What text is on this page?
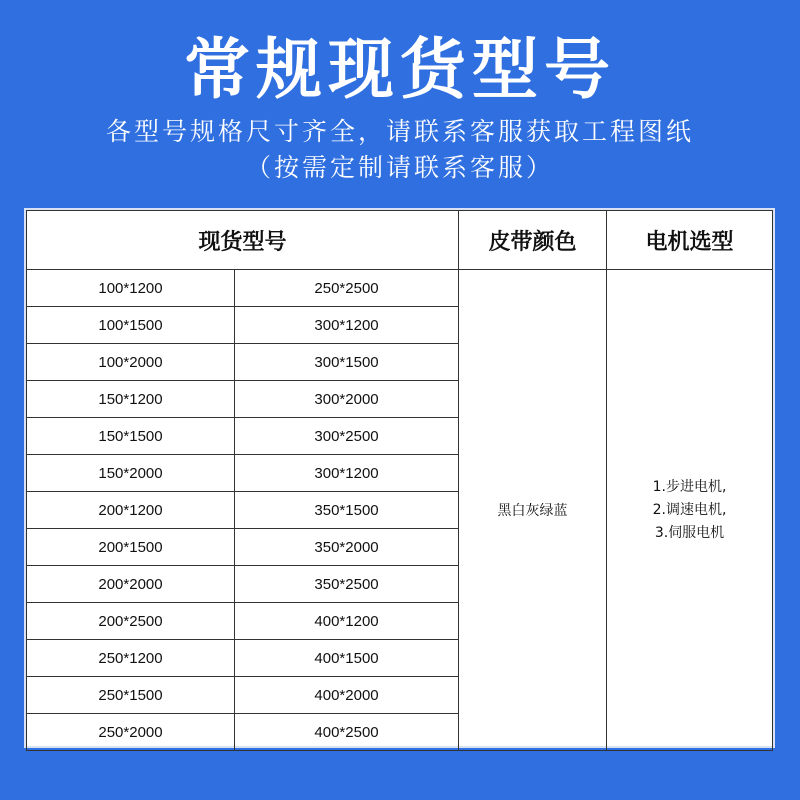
常规现货型号
各型号规格尺寸齐全，请联系客服获取工程图纸
（按需定制请联系客服）
现货型号		皮带颜色	电机选型
100*1200	250*2500	黑白灰绿蓝	1.步进电机,
2.调速电机,
3.伺服电机

100*1500	300*1200		
100*2000	300*1500		
150*1200	300*2000		
150*1500	300*2500		
150*2000	300*1200		
200*1200	350*1500		
200*1500	350*2000		
200*2000	350*2500		
200*2500	400*1200		
250*1200	400*1500		
250*1500	400*2000		
250*2000	400*2500		
